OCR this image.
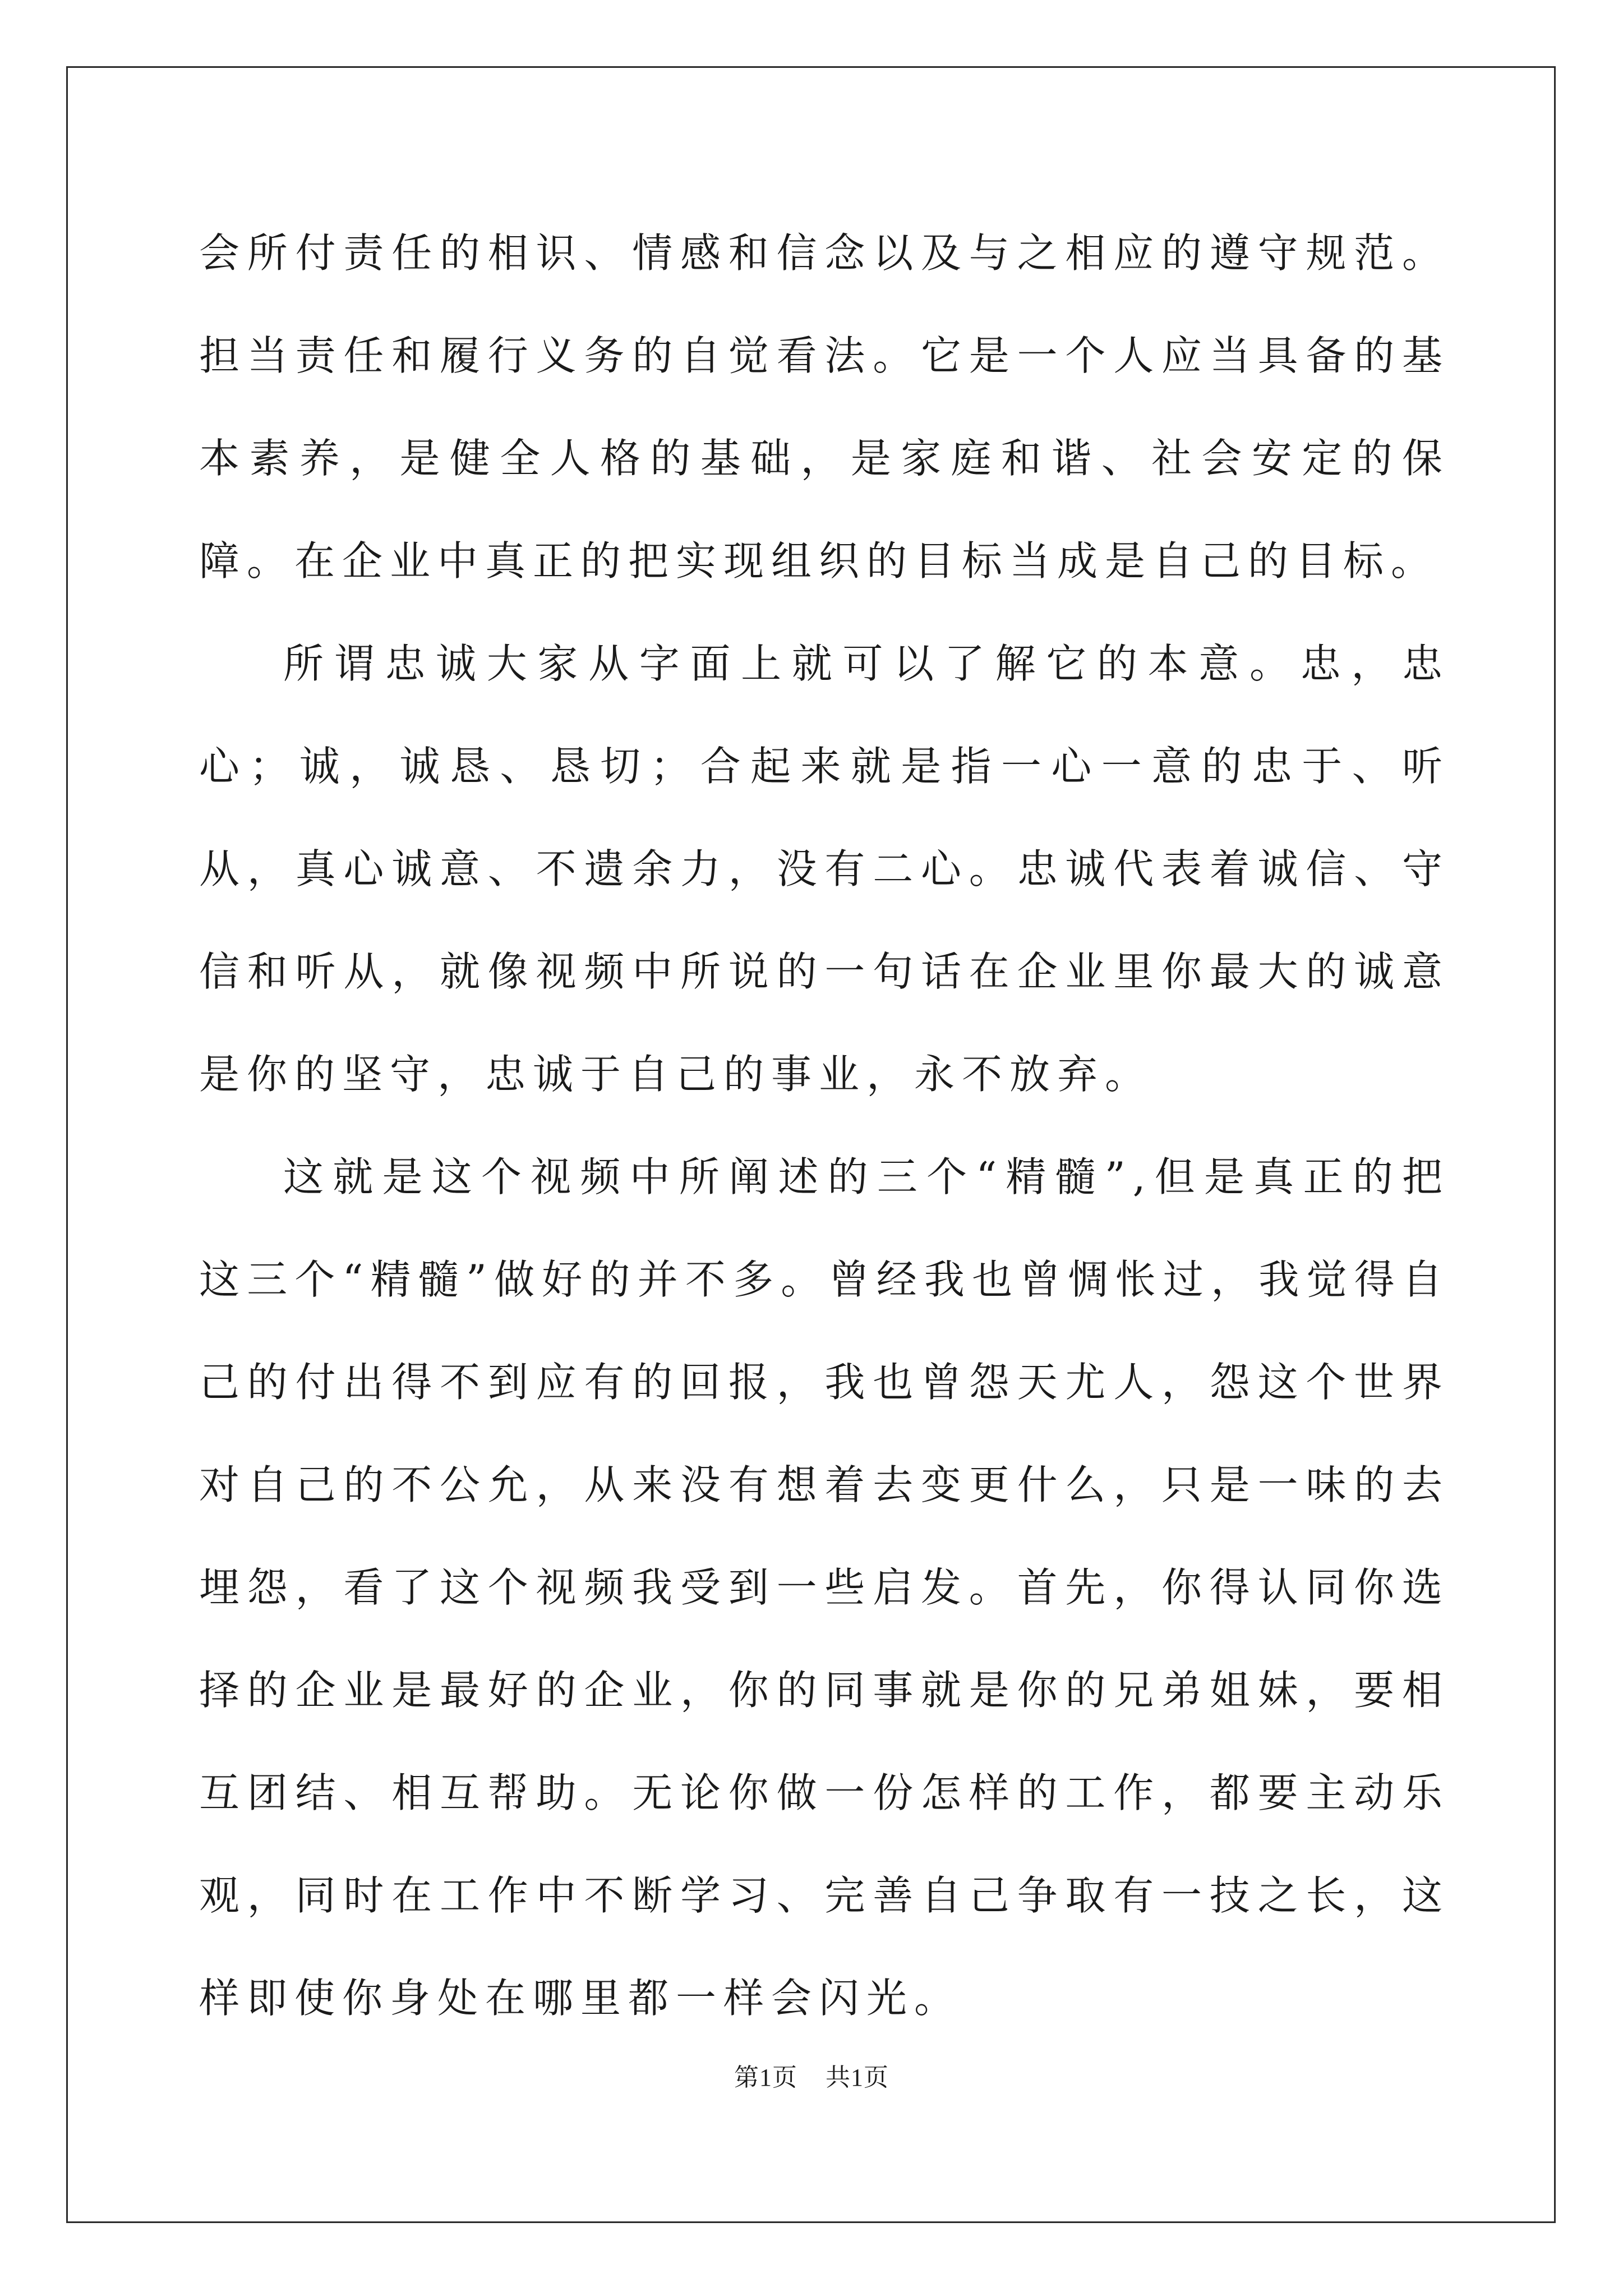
会所付责任的相识、情感和信念以及与之相应的遵守规范。担当责任和履行义务的自觉看法。它是一个人应当具备的基本素养，是健全人格的基础，是家庭和谐、社会安定的保障。在企业中真正的把实现组织的目标当成是自己的目标。

所谓忠诚大家从字面上就可以了解它的本意。忠，忠心；诚，诚恳、恳切；合起来就是指一心一意的忠于、听从，真心诚意、不遗余力，没有二心。忠诚代表着诚信、守信和听从，就像视频中所说的一句话在企业里你最大的诚意是你的坚守，忠诚于自己的事业，永不放弃。

这就是这个视频中所阐述的三个“精髓”,但是真正的把这三个“精髓”做好的并不多。曾经我也曾惆怅过，我觉得自己的付出得不到应有的回报，我也曾怨天尤人，怨这个世界对自己的不公允，从来没有想着去变更什么，只是一味的去埋怨，看了这个视频我受到一些启发。首先，你得认同你选择的企业是最好的企业，你的同事就是你的兄弟姐妹，要相互团结、相互帮助。无论你做一份怎样的工作，都要主动乐观，同时在工作中不断学习、完善自己争取有一技之长，这样即使你身处在哪里都一样会闪光。

第1页 共1页
